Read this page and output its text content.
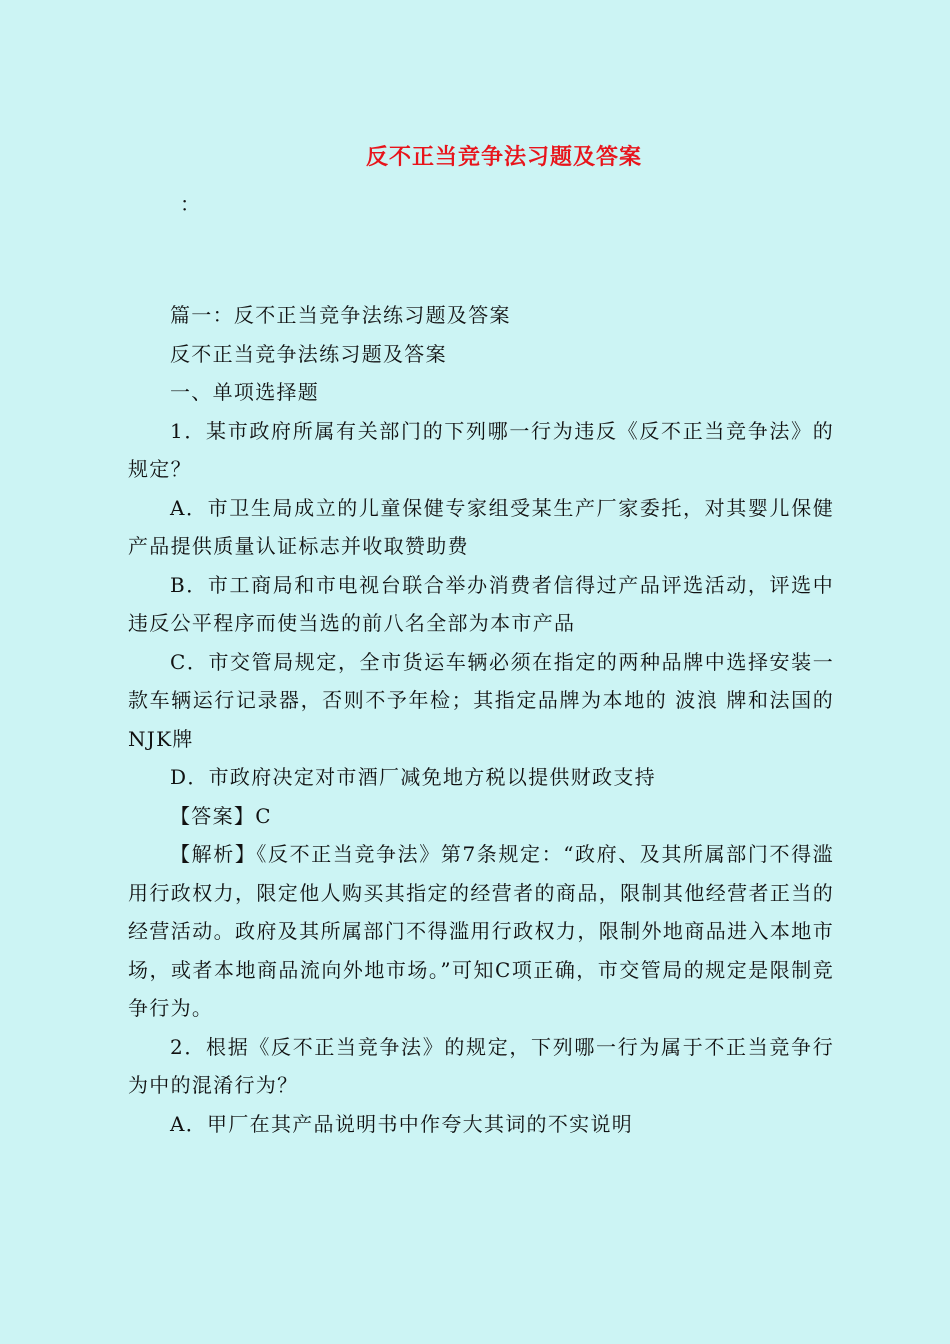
反不正当竞争法习题及答案
：

篇一：反不正当竞争法练习题及答案

反不正当竞争法练习题及答案

一、单项选择题

1．某市政府所属有关部门的下列哪一行为违反《反不正当竞争法》的规定？

A．市卫生局成立的儿童保健专家组受某生产厂家委托，对其婴儿保健产品提供质量认证标志并收取赞助费

B．市工商局和市电视台联合举办消费者信得过产品评选活动，评选中违反公平程序而使当选的前八名全部为本市产品

C．市交管局规定，全市货运车辆必须在指定的两种品牌中选择安装一款车辆运行记录器，否则不予年检；其指定品牌为本地的 波浪 牌和法国的NJK牌

D．市政府决定对市酒厂减免地方税以提供财政支持

【答案】C

【解析】《反不正当竞争法》第7条规定：“政府、及其所属部门不得滥用行政权力，限定他人购买其指定的经营者的商品，限制其他经营者正当的经营活动。政府及其所属部门不得滥用行政权力，限制外地商品进入本地市场，或者本地商品流向外地市场。”可知C项正确，市交管局的规定是限制竞争行为。

2．根据《反不正当竞争法》的规定，下列哪一行为属于不正当竞争行为中的混淆行为？

A．甲厂在其产品说明书中作夸大其词的不实说明
